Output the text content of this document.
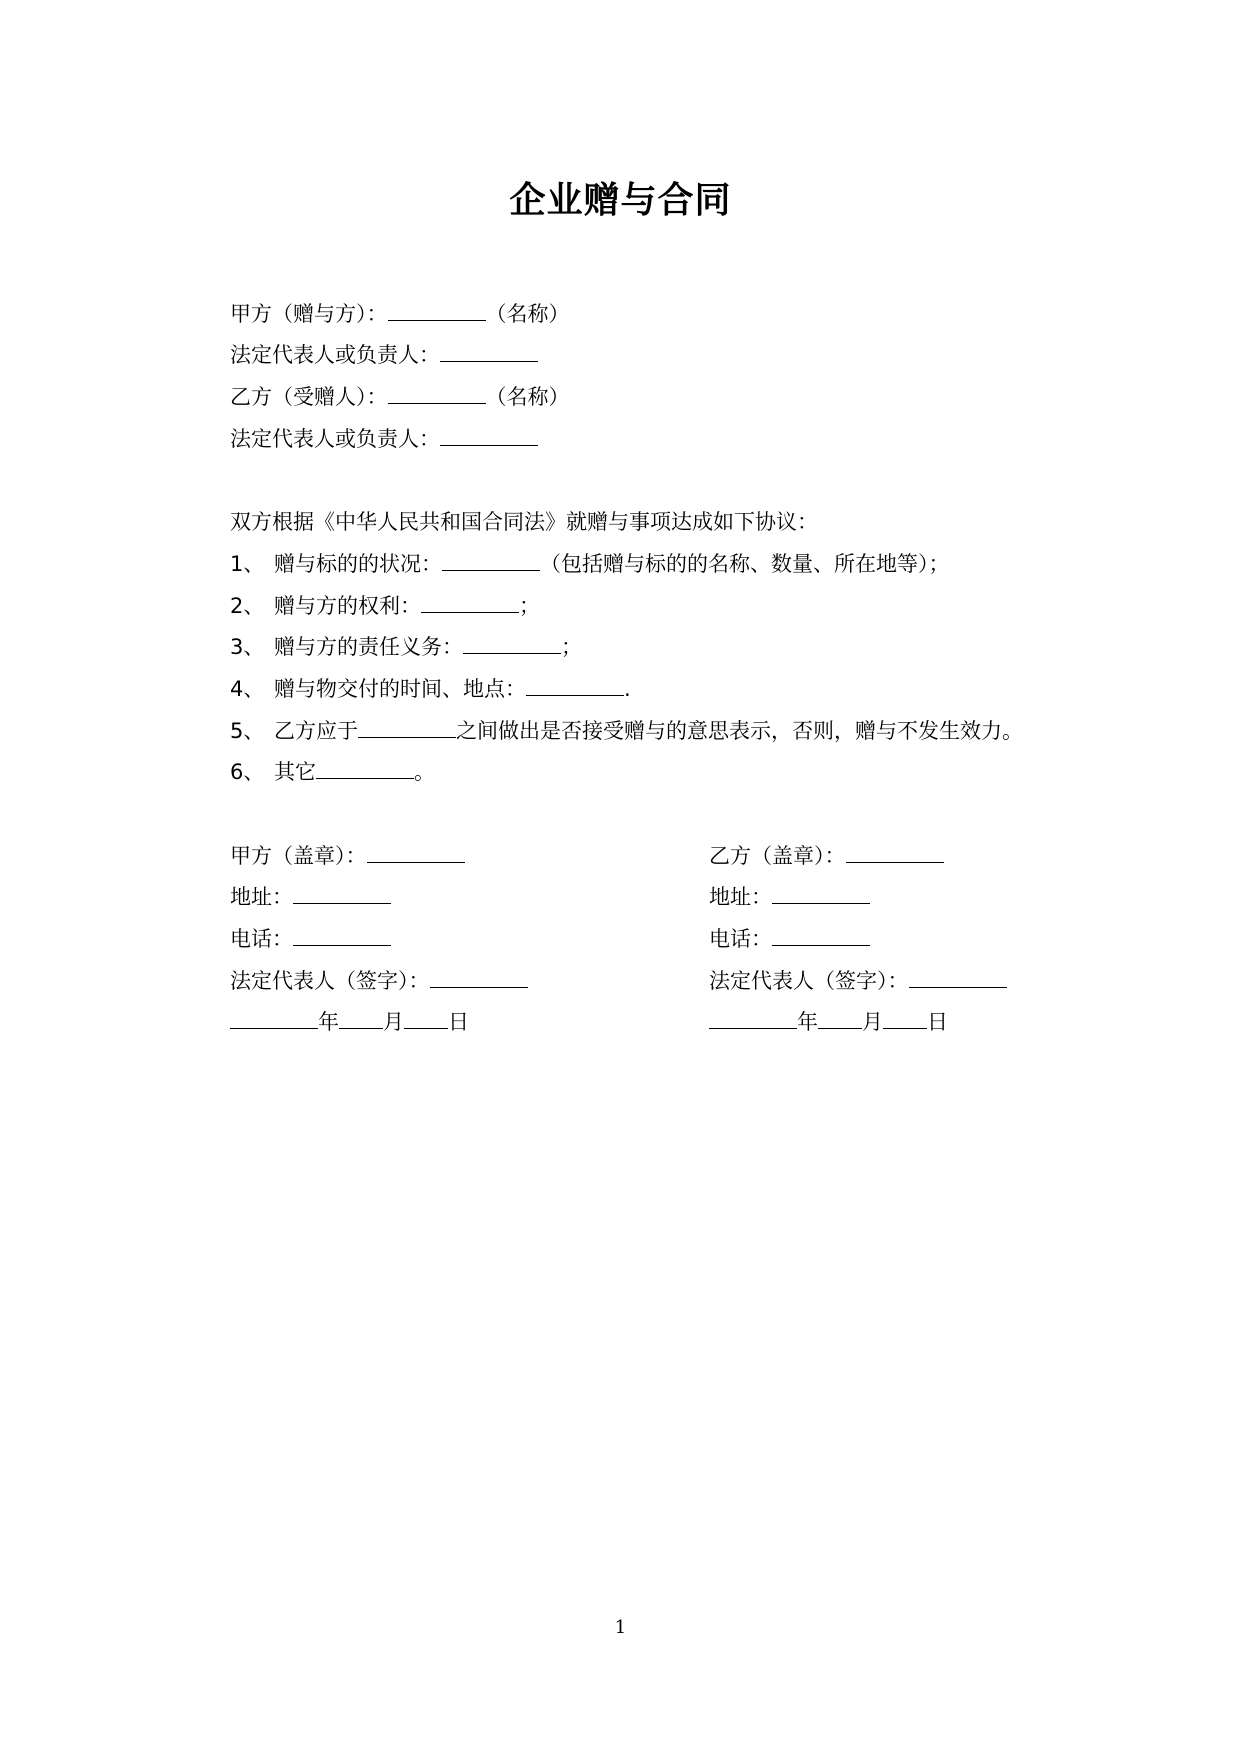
企业赠与合同
甲方（赠与方）：	（名称）
法定代表人或负责人：
乙方（受赠人）：	（名称）
法定代表人或负责人：
双方根据《中华人民共和国合同法》就赠与事项达成如下协议：
1、 赠与标的的状况：	（包括赠与标的的名称、数量、所在地等）；
2、 赠与方的权利：	；
3、 赠与方的责任义务：	；
4、 赠与物交付的时间、地点：	.
5、 乙方应于	之间做出是否接受赠与的意思表示，否则，赠与不发生效力。
6、 其它	。
甲方（盖章）：
地址：
电话：
法定代表人（签字）：
年 月 日
乙方（盖章）：
地址：
电话：
法定代表人（签字）：
年 月 日
1
